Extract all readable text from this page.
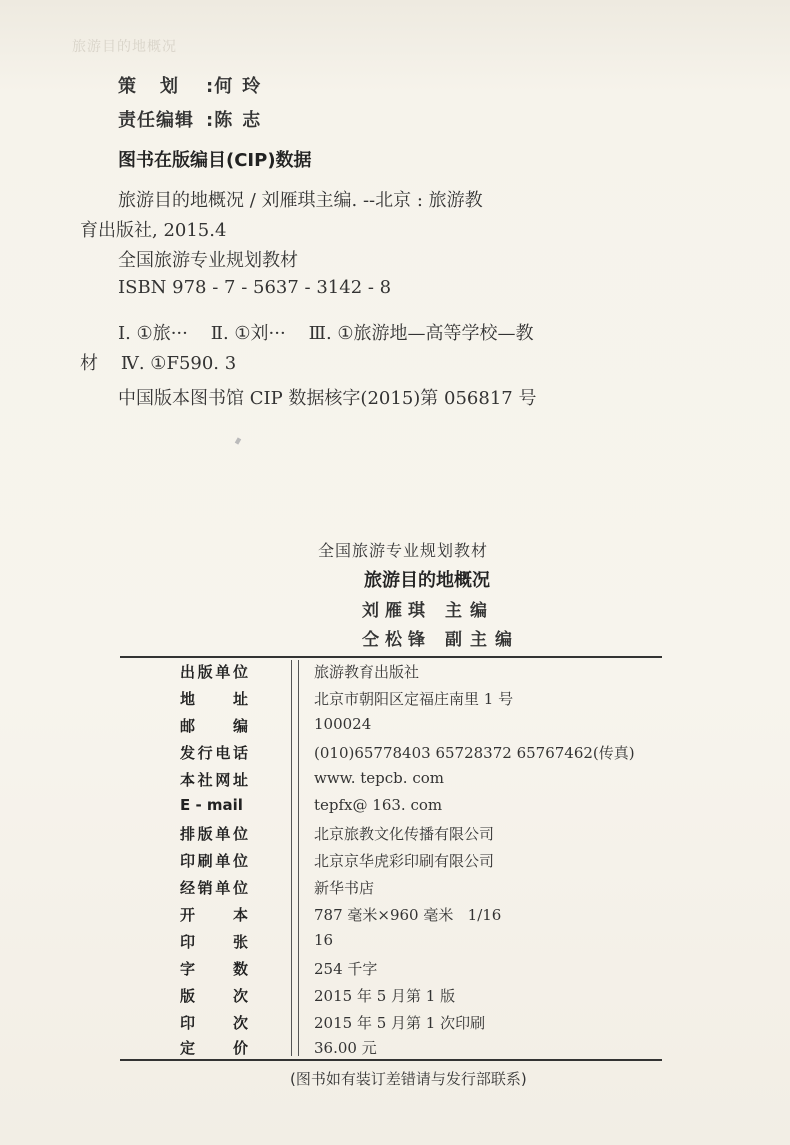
旅游目的地概况
策划 :何玲
责任编辑 :陈志
图书在版编目(CIP)数据
旅游目的地概况 / 刘雁琪主编. --北京 : 旅游教
育出版社, 2015.4
全国旅游专业规划教材
ISBN 978 - 7 - 5637 - 3142 - 8
Ⅰ. ①旅···    Ⅱ. ①刘···    Ⅲ. ①旅游地—高等学校—教
材    Ⅳ. ①F590. 3
中国版本图书馆 CIP 数据核字(2015)第 056817 号
全国旅游专业规划教材
旅游目的地概况
刘雁琪 主编
仝松锋 副主编
出版单位	旅游教育出版社
地址	北京市朝阳区定福庄南里 1 号
邮编	100024
发行电话	(010)65778403 65728372 65767462(传真)
本社网址	www. tepcb. com
E - mail	tepfx@ 163. com
排版单位	北京旅教文化传播有限公司
印刷单位	北京京华虎彩印刷有限公司
经销单位	新华书店
开本	787 毫米×960 毫米   1/16
印张	16
字数	254 千字
版次	2015 年 5 月第 1 版
印次	2015 年 5 月第 1 次印刷
定价	36.00 元
(图书如有装订差错请与发行部联系)
